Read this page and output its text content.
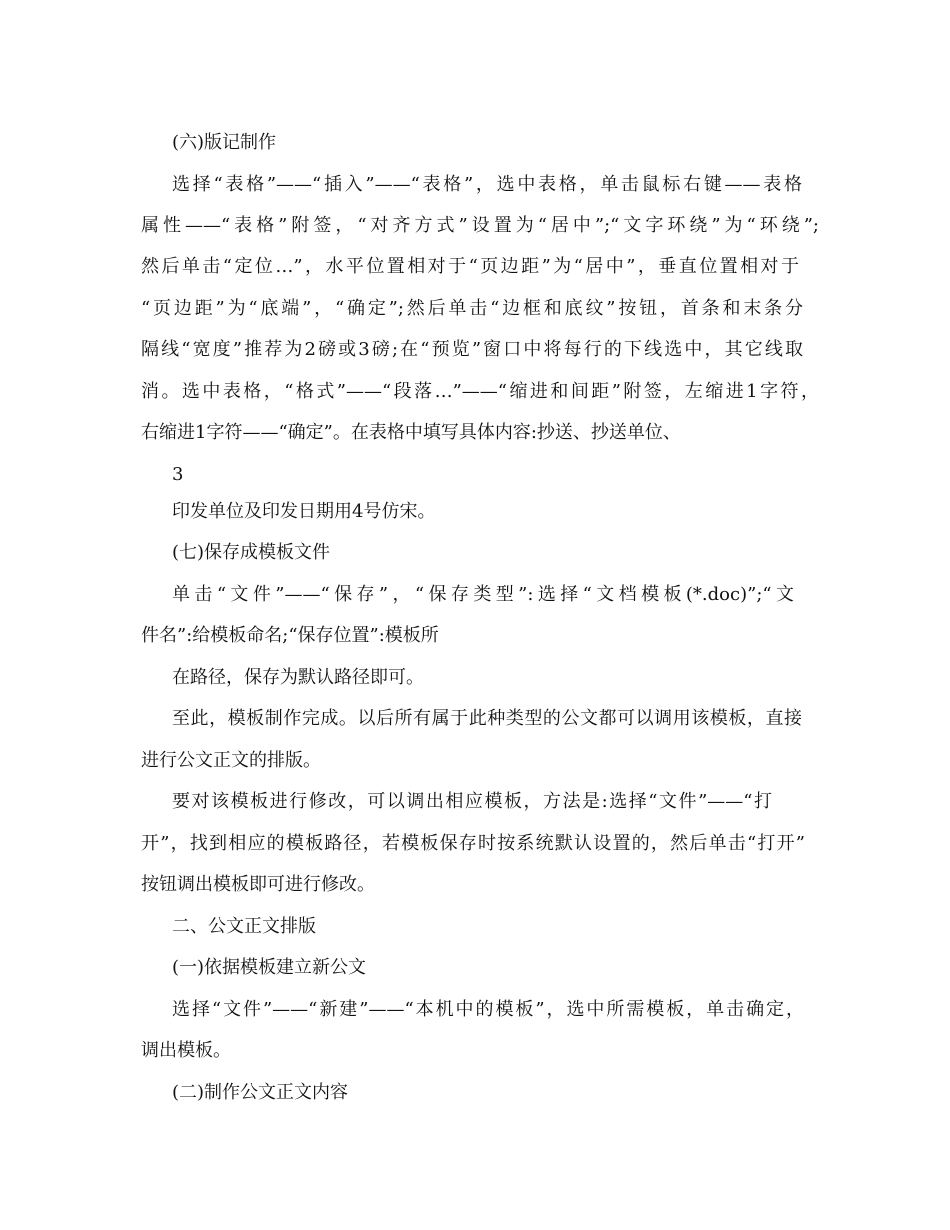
(六)版记制作

选择“表格”——“插入”——“表格”，选中表格，单击鼠标右键——表格

属性——“表格”附签，“对齐方式”设置为“居中”;“文字环绕”为“环绕”;

然后单击“定位…”，水平位置相对于“页边距”为“居中”，垂直位置相对于

“页边距”为“底端”，“确定”;然后单击“边框和底纹”按钮，首条和末条分

隔线“宽度”推荐为2磅或3磅;在“预览”窗口中将每行的下线选中，其它线取

消。选中表格，“格式”——“段落…”——“缩进和间距”附签，左缩进1字符，

右缩进1字符——“确定”。在表格中填写具体内容:抄送、抄送单位、

3

印发单位及印发日期用4号仿宋。

(七)保存成模板文件

单击“文件”——“保存”，“保存类型”:选择“文档模板(*.doc)”;“文

件名”:给模板命名;“保存位置”:模板所

在路径，保存为默认路径即可。

至此，模板制作完成。以后所有属于此种类型的公文都可以调用该模板，直接

进行公文正文的排版。

要对该模板进行修改，可以调出相应模板，方法是:选择“文件”——“打

开”，找到相应的模板路径，若模板保存时按系统默认设置的，然后单击“打开”

按钮调出模板即可进行修改。

二、公文正文排版

(一)依据模板建立新公文

选择“文件”——“新建”——“本机中的模板”，选中所需模板，单击确定，

调出模板。

(二)制作公文正文内容
